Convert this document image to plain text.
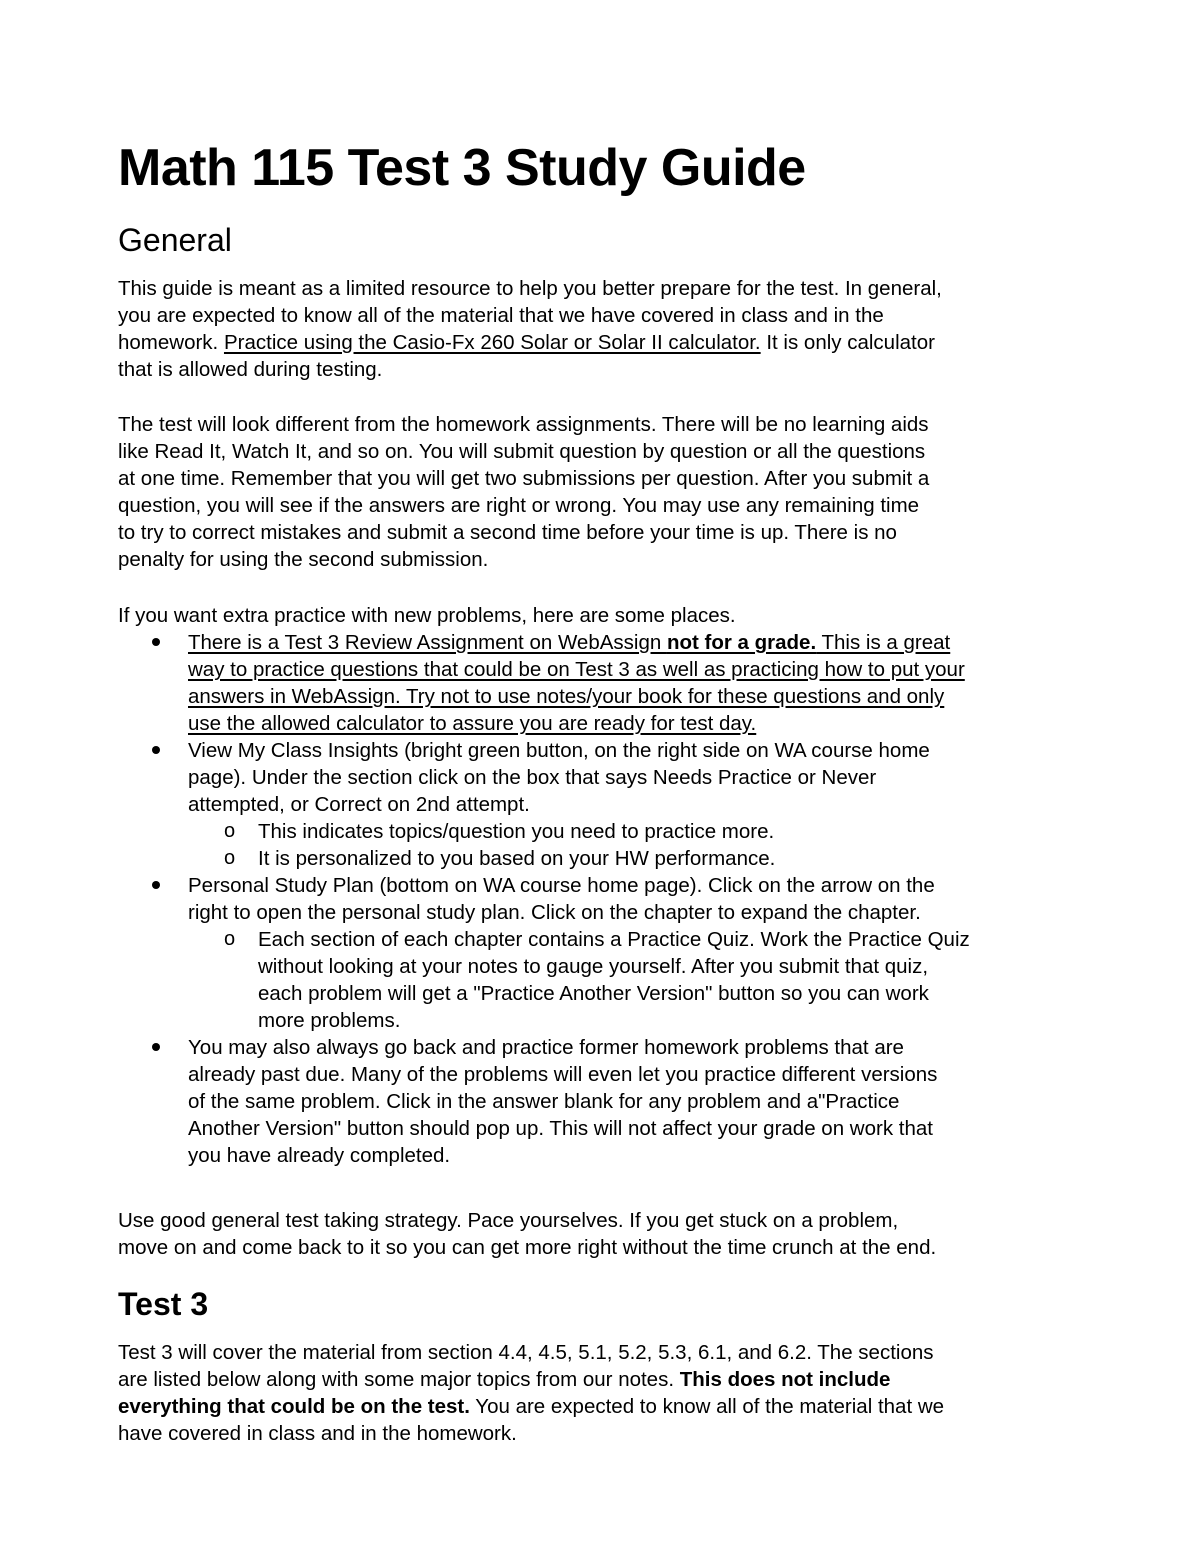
Math 115 Test 3 Study Guide
General

This guide is meant as a limited resource to help you better prepare for the test. In general,

you are expected to know all of the material that we have covered in class and in the

homework. Practice using the Casio-Fx 260 Solar or Solar II calculator. It is only calculator

that is allowed during testing.

The test will look different from the homework assignments. There will be no learning aids

like Read It, Watch It, and so on. You will submit question by question or all the questions

at one time. Remember that you will get two submissions per question. After you submit a

question, you will see if the answers are right or wrong. You may use any remaining time

to try to correct mistakes and submit a second time before your time is up. There is no

penalty for using the second submission.

If you want extra practice with new problems, here are some places.

There is a Test 3 Review Assignment on WebAssign not for a grade. This is a great
way to practice questions that could be on Test 3 as well as practicing how to put your
answers in WebAssign. Try not to use notes/your book for these questions and only
use the allowed calculator to assure you are ready for test day.
View My Class Insights (bright green button, on the right side on WA course home
page). Under the section click on the box that says Needs Practice or Never
attempted, or Correct on 2nd attempt.
o This indicates topics/question you need to practice more.
o It is personalized to you based on your HW performance.
Personal Study Plan (bottom on WA course home page). Click on the arrow on the
right to open the personal study plan. Click on the chapter to expand the chapter.
o Each section of each chapter contains a Practice Quiz. Work the Practice Quiz
without looking at your notes to gauge yourself. After you submit that quiz,
each problem will get a "Practice Another Version" button so you can work
more problems.
You may also always go back and practice former homework problems that are
already past due. Many of the problems will even let you practice different versions
of the same problem. Click in the answer blank for any problem and a"Practice
Another Version" button should pop up. This will not affect your grade on work that
you have already completed.

Use good general test taking strategy. Pace yourselves. If you get stuck on a problem,

move on and come back to it so you can get more right without the time crunch at the end.

Test 3

Test 3 will cover the material from section 4.4, 4.5, 5.1, 5.2, 5.3, 6.1, and 6.2. The sections

are listed below along with some major topics from our notes. This does not include

everything that could be on the test. You are expected to know all of the material that we

have covered in class and in the homework.
